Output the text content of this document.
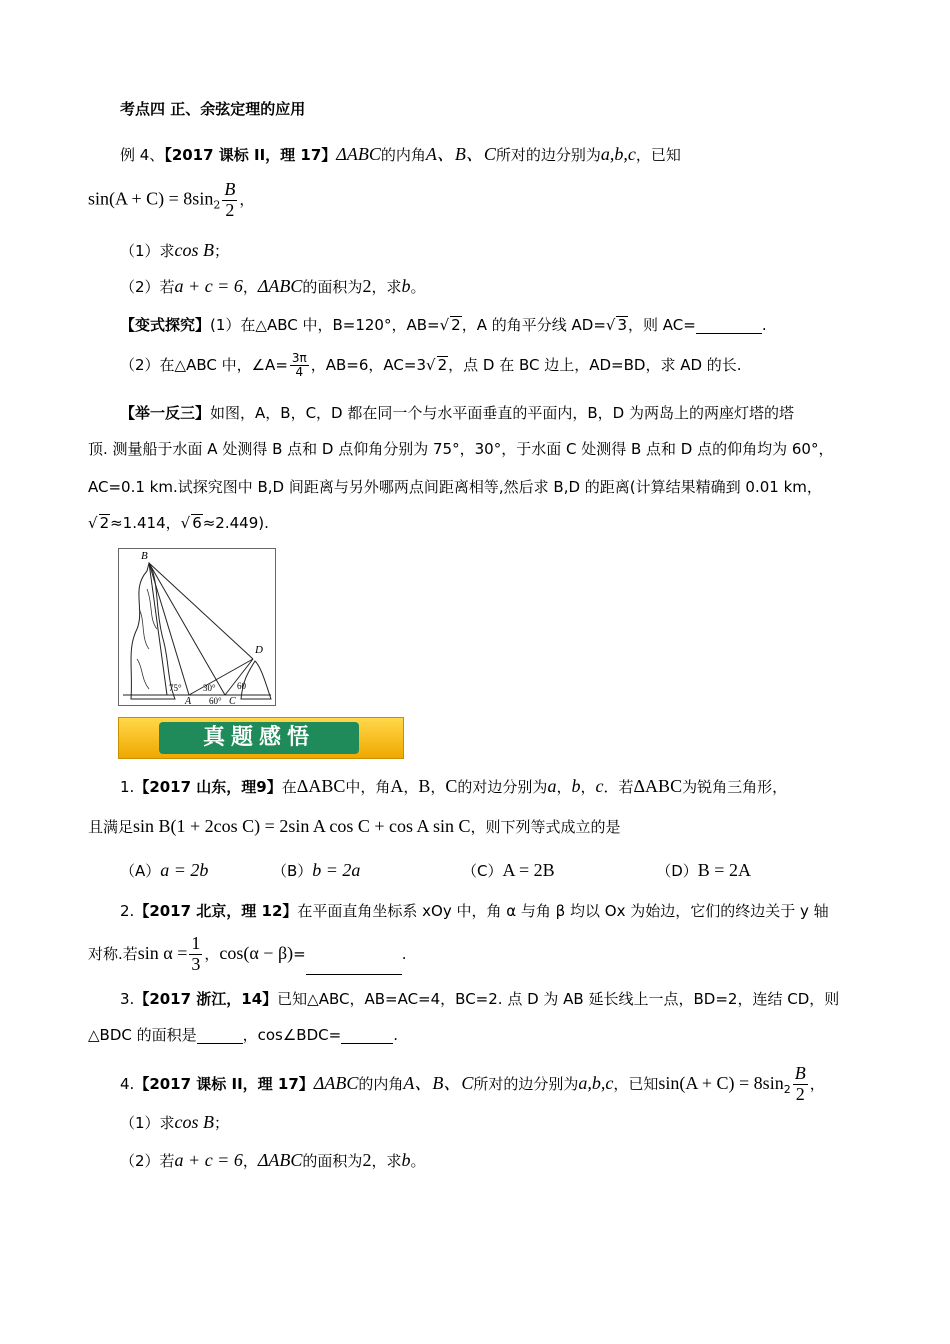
考点四 正、余弦定理的应用
例 4、【2017 课标 II，理 17】ΔABC的内角A、B、C所对的边分别为a,b,c，已知
$\sin(A + C) = 8\sin_2 \frac{B}{2}$ ，
（1）求cos B；
（2）若a + c = 6，ΔABC的面积为2，求b。
【变式探究】(1）在△ABC 中，B=120°，AB=√ 2，A 的角平分线 AD=√ 3，则 AC=	.
（2）在△ABC 中，∠A= $\frac{3\pi}{4}$ ，AB=6，AC=3√ 2，点 D 在 BC 边上，AD=BD，求 AD 的长.
【举一反三】如图，A，B，C，D 都在同一个与水平面垂直的平面内，B，D 为两岛上的两座灯塔的塔
顶. 测量船于水面 A 处测得 B 点和 D 点仰角分别为 75°，30°，于水面 C 处测得 B 点和 D 点的仰角均为 60°，
AC=0.1 km.试探究图中 B,D 间距离与另外哪两点间距离相等,然后求 B,D 的距离(计算结果精确到 0.01 km，
√ 2≈1.414，√ 6≈2.449).
B
D
A	C
75° 30° 60
60°
真题感悟
1.【2017 山东，理9】在ΔABC中，角A，B，C的对边分别为a，b，c．若ΔABC为锐角三角形，
且满足sin B(1 + 2cos C) = 2sin A cos C + cos A sin C，则下列等式成立的是
（A）a = 2b	（B）b = 2a	（C）A = 2B	（D）B = 2A
2.【2017 北京，理 12】在平面直角坐标系 xOy 中，角 α 与角 β 均以 Ox 为始边，它们的终边关于 y 轴
对称.若$\sin \alpha = \frac{1}{3}$ ，cos(α − β)=	.
3.【2017 浙江，14】已知△ABC，AB=AC=4，BC=2. 点 D 为 AB 延长线上一点，BD=2，连结 CD，则
△BDC 的面积是	，cos∠BDC=	.
4.【2017 课标 II，理 17】ΔABC的内角A、B、C所对的边分别为a,b,c，已知$\sin(A + C) = 8\sin_2 \frac{B}{2}$ ，
（1）求cos B；
（2）若a + c = 6，ΔABC的面积为2，求b。
